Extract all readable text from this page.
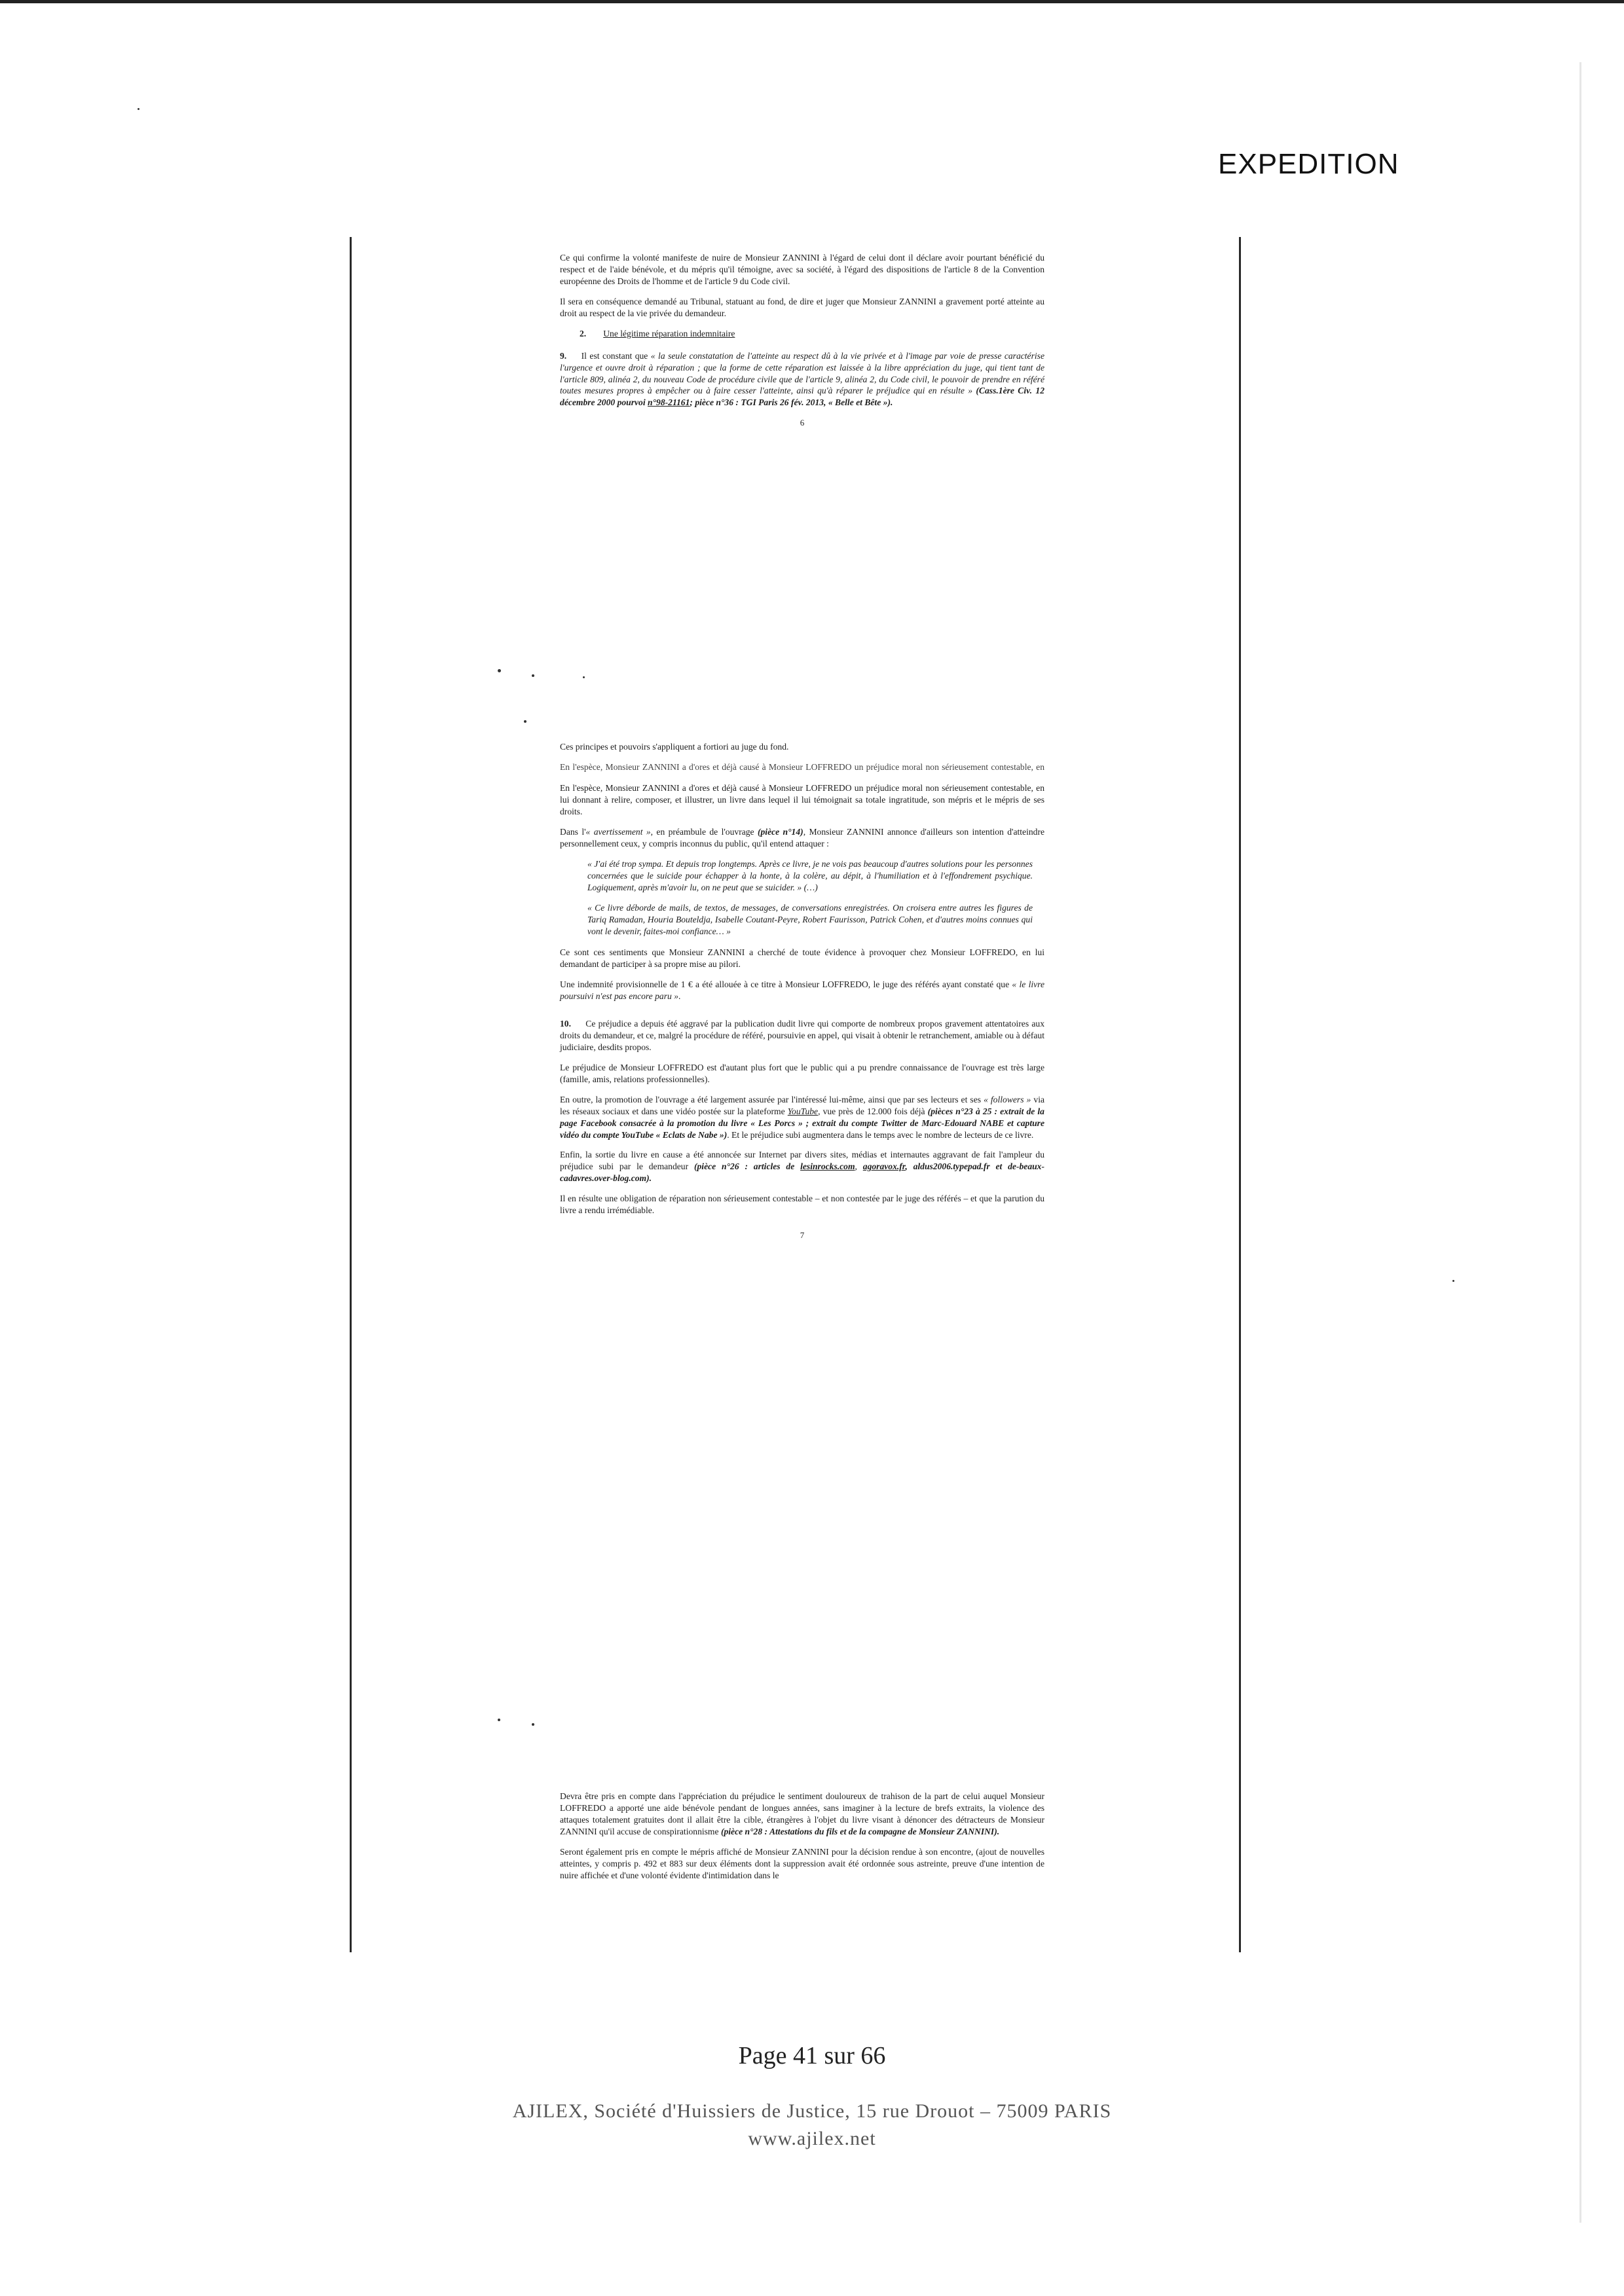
EXPEDITION

Ce qui confirme la volonté manifeste de nuire de Monsieur ZANNINI à l'égard de celui dont il déclare avoir pourtant bénéficié du respect et de l'aide bénévole, et du mépris qu'il témoigne, avec sa société, à l'égard des dispositions de l'article 8 de la Convention européenne des Droits de l'homme et de l'article 9 du Code civil.

Il sera en conséquence demandé au Tribunal, statuant au fond, de dire et juger que Monsieur ZANNINI a gravement porté atteinte au droit au respect de la vie privée du demandeur.

2. Une légitime réparation indemnitaire

9. Il est constant que « la seule constatation de l'atteinte au respect dû à la vie privée et à l'image par voie de presse caractérise l'urgence et ouvre droit à réparation ; que la forme de cette réparation est laissée à la libre appréciation du juge, qui tient tant de l'article 809, alinéa 2, du nouveau Code de procédure civile que de l'article 9, alinéa 2, du Code civil, le pouvoir de prendre en référé toutes mesures propres à empêcher ou à faire cesser l'atteinte, ainsi qu'à réparer le préjudice qui en résulte » (Cass.1ère Civ. 12 décembre 2000 pourvoi n°98-21161; pièce n°36 : TGI Paris 26 fév. 2013, « Belle et Bête »).

6

Ces principes et pouvoirs s'appliquent a fortiori au juge du fond.

En l'espèce, Monsieur ZANNINI a d'ores et déjà causé à Monsieur LOFFREDO un préjudice moral non sérieusement contestable, en

En l'espèce, Monsieur ZANNINI a d'ores et déjà causé à Monsieur LOFFREDO un préjudice moral non sérieusement contestable, en lui donnant à relire, composer, et illustrer, un livre dans lequel il lui témoignait sa totale ingratitude, son mépris et le mépris de ses droits.

Dans l'« avertissement », en préambule de l'ouvrage (pièce n°14), Monsieur ZANNINI annonce d'ailleurs son intention d'atteindre personnellement ceux, y compris inconnus du public, qu'il entend attaquer :

« J'ai été trop sympa. Et depuis trop longtemps. Après ce livre, je ne vois pas beaucoup d'autres solutions pour les personnes concernées que le suicide pour échapper à la honte, à la colère, au dépit, à l'humiliation et à l'effondrement psychique. Logiquement, après m'avoir lu, on ne peut que se suicider. » (…)

« Ce livre déborde de mails, de textos, de messages, de conversations enregistrées. On croisera entre autres les figures de Tariq Ramadan, Houria Bouteldja, Isabelle Coutant-Peyre, Robert Faurisson, Patrick Cohen, et d'autres moins connues qui vont le devenir, faites-moi confiance… »

Ce sont ces sentiments que Monsieur ZANNINI a cherché de toute évidence à provoquer chez Monsieur LOFFREDO, en lui demandant de participer à sa propre mise au pilori.

Une indemnité provisionnelle de 1 € a été allouée à ce titre à Monsieur LOFFREDO, le juge des référés ayant constaté que « le livre poursuivi n'est pas encore paru ».

10. Ce préjudice a depuis été aggravé par la publication dudit livre qui comporte de nombreux propos gravement attentatoires aux droits du demandeur, et ce, malgré la procédure de référé, poursuivie en appel, qui visait à obtenir le retranchement, amiable ou à défaut judiciaire, desdits propos.

Le préjudice de Monsieur LOFFREDO est d'autant plus fort que le public qui a pu prendre connaissance de l'ouvrage est très large (famille, amis, relations professionnelles).

En outre, la promotion de l'ouvrage a été largement assurée par l'intéressé lui-même, ainsi que par ses lecteurs et ses « followers » via les réseaux sociaux et dans une vidéo postée sur la plateforme YouTube, vue près de 12.000 fois déjà (pièces n°23 à 25 : extrait de la page Facebook consacrée à la promotion du livre « Les Porcs » ; extrait du compte Twitter de Marc-Edouard NABE et capture vidéo du compte YouTube « Eclats de Nabe »). Et le préjudice subi augmentera dans le temps avec le nombre de lecteurs de ce livre.

Enfin, la sortie du livre en cause a été annoncée sur Internet par divers sites, médias et internautes aggravant de fait l'ampleur du préjudice subi par le demandeur (pièce n°26 : articles de lesinrocks.com, agoravox.fr, aldus2006.typepad.fr et de-beaux-cadavres.over-blog.com).

Il en résulte une obligation de réparation non sérieusement contestable – et non contestée par le juge des référés – et que la parution du livre a rendu irrémédiable.

7

Devra être pris en compte dans l'appréciation du préjudice le sentiment douloureux de trahison de la part de celui auquel Monsieur LOFFREDO a apporté une aide bénévole pendant de longues années, sans imaginer à la lecture de brefs extraits, la violence des attaques totalement gratuites dont il allait être la cible, étrangères à l'objet du livre visant à dénoncer des détracteurs de Monsieur ZANNINI qu'il accuse de conspirationnisme (pièce n°28 : Attestations du fils et de la compagne de Monsieur ZANNINI).

Seront également pris en compte le mépris affiché de Monsieur ZANNINI pour la décision rendue à son encontre, (ajout de nouvelles atteintes, y compris p. 492 et 883 sur deux éléments dont la suppression avait été ordonnée sous astreinte, preuve d'une intention de nuire affichée et d'une volonté évidente d'intimidation dans le

Page 41 sur 66
AJILEX, Société d'Huissiers de Justice, 15 rue Drouot – 75009 PARIS
www.ajilex.net
